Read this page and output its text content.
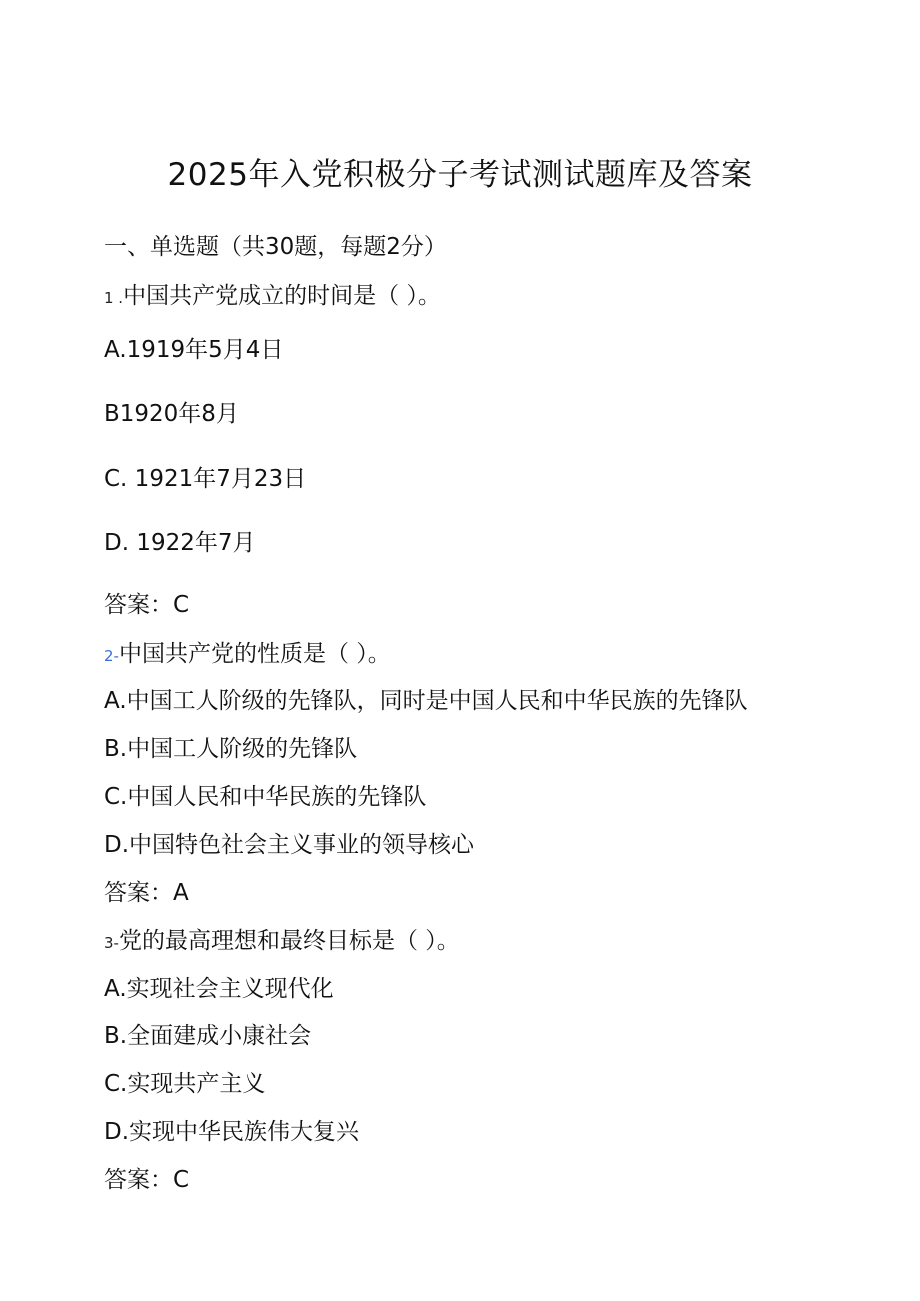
2025年入党积极分子考试测试题库及答案
一、单选题（共30题，每题2分）
1 .中国共产党成立的时间是（ ）。
A.1919年5月4日
B1920年8月
C. 1921年7月23日
D. 1922年7月
答案：C
2-中国共产党的性质是（ ）。
A.中国工人阶级的先锋队，同时是中国人民和中华民族的先锋队
B.中国工人阶级的先锋队
C.中国人民和中华民族的先锋队
D.中国特色社会主义事业的领导核心
答案：A
3-党的最高理想和最终目标是（ ）。
A.实现社会主义现代化
B.全面建成小康社会
C.实现共产主义
D.实现中华民族伟大复兴
答案：C
